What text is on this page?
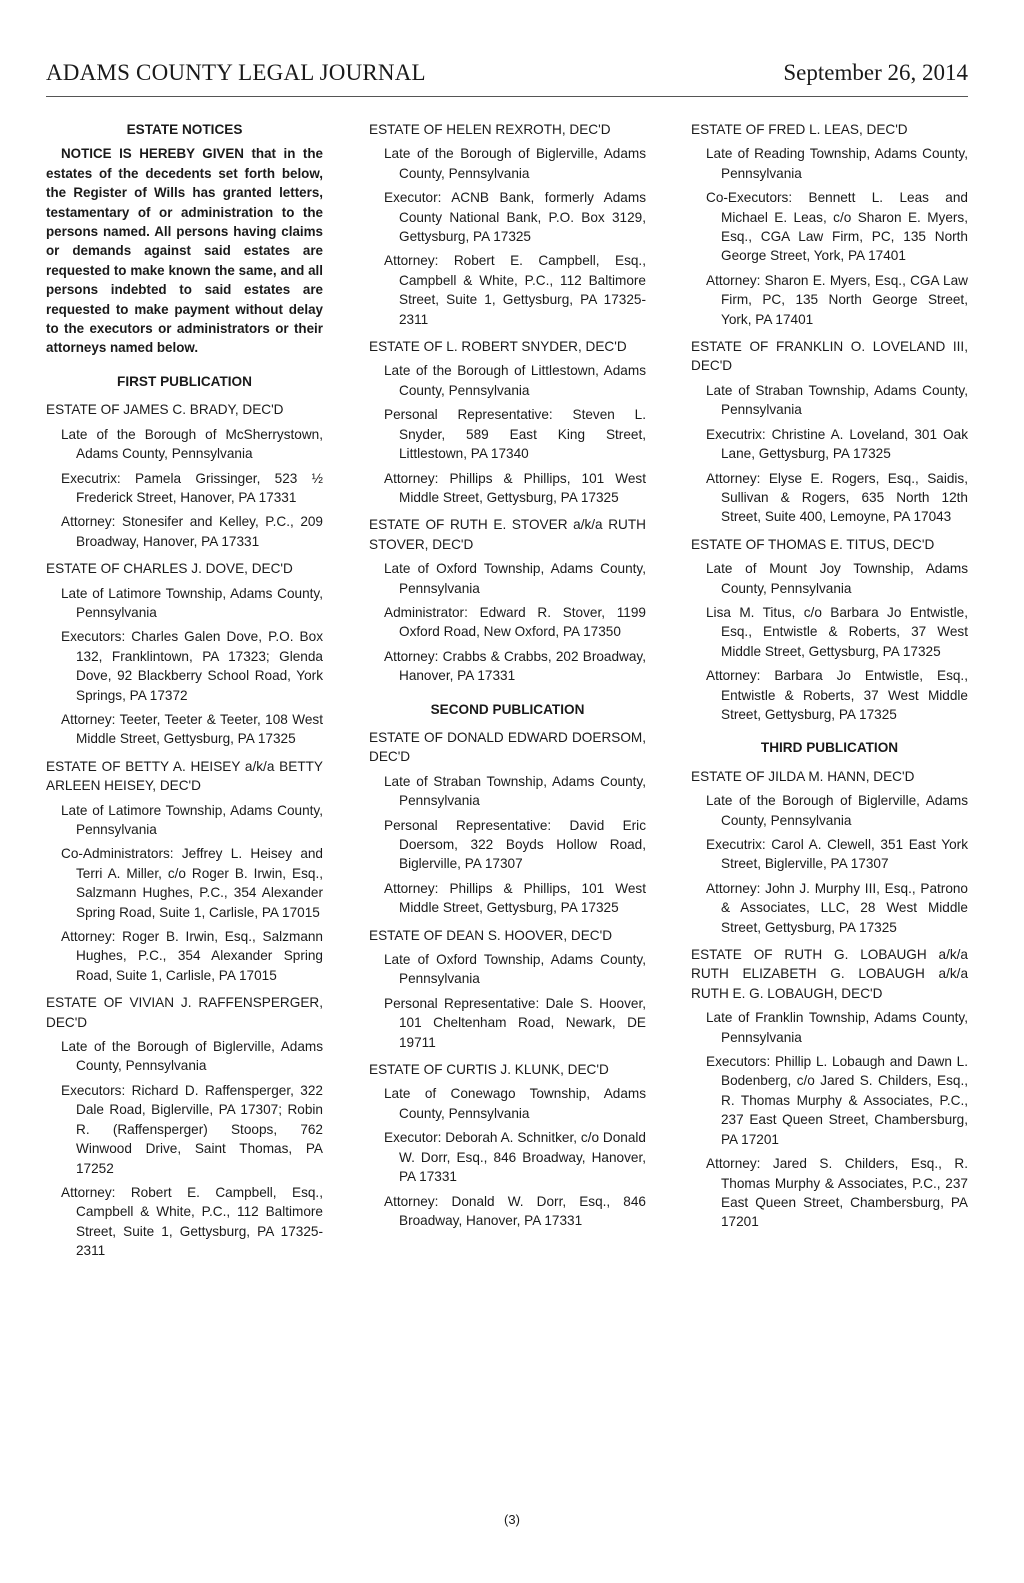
ADAMS COUNTY LEGAL JOURNAL	September 26, 2014
ESTATE NOTICES

NOTICE IS HEREBY GIVEN that in the estates of the decedents set forth below, the Register of Wills has granted letters, testamentary of or administration to the persons named. All persons having claims or demands against said estates are requested to make known the same, and all persons indebted to said estates are requested to make payment without delay to the executors or administrators or their attorneys named below.

FIRST PUBLICATION

ESTATE OF JAMES C. BRADY, DEC'D

Late of the Borough of McSherrystown, Adams County, Pennsylvania

Executrix: Pamela Grissinger, 523 ½ Frederick Street, Hanover, PA 17331

Attorney: Stonesifer and Kelley, P.C., 209 Broadway, Hanover, PA 17331

ESTATE OF CHARLES J. DOVE, DEC'D

Late of Latimore Township, Adams County, Pennsylvania

Executors: Charles Galen Dove, P.O. Box 132, Franklintown, PA 17323; Glenda Dove, 92 Blackberry School Road, York Springs, PA 17372

Attorney: Teeter, Teeter & Teeter, 108 West Middle Street, Gettysburg, PA 17325

ESTATE OF BETTY A. HEISEY a/k/a BETTY ARLEEN HEISEY, DEC'D

Late of Latimore Township, Adams County, Pennsylvania

Co-Administrators: Jeffrey L. Heisey and Terri A. Miller, c/o Roger B. Irwin, Esq., Salzmann Hughes, P.C., 354 Alexander Spring Road, Suite 1, Carlisle, PA 17015

Attorney: Roger B. Irwin, Esq., Salzmann Hughes, P.C., 354 Alexander Spring Road, Suite 1, Carlisle, PA 17015

ESTATE OF VIVIAN J. RAFFENSPERGER, DEC'D

Late of the Borough of Biglerville, Adams County, Pennsylvania

Executors: Richard D. Raffensperger, 322 Dale Road, Biglerville, PA 17307; Robin R. (Raffensperger) Stoops, 762 Winwood Drive, Saint Thomas, PA 17252

Attorney: Robert E. Campbell, Esq., Campbell & White, P.C., 112 Baltimore Street, Suite 1, Gettysburg, PA 17325-2311

ESTATE OF HELEN REXROTH, DEC'D

Late of the Borough of Biglerville, Adams County, Pennsylvania

Executor: ACNB Bank, formerly Adams County National Bank, P.O. Box 3129, Gettysburg, PA 17325

Attorney: Robert E. Campbell, Esq., Campbell & White, P.C., 112 Baltimore Street, Suite 1, Gettysburg, PA 17325-2311

ESTATE OF L. ROBERT SNYDER, DEC'D

Late of the Borough of Littlestown, Adams County, Pennsylvania

Personal Representative: Steven L. Snyder, 589 East King Street, Littlestown, PA 17340

Attorney: Phillips & Phillips, 101 West Middle Street, Gettysburg, PA 17325

ESTATE OF RUTH E. STOVER a/k/a RUTH STOVER, DEC'D

Late of Oxford Township, Adams County, Pennsylvania

Administrator: Edward R. Stover, 1199 Oxford Road, New Oxford, PA 17350

Attorney: Crabbs & Crabbs, 202 Broadway, Hanover, PA 17331

SECOND PUBLICATION

ESTATE OF DONALD EDWARD DOERSOM, DEC'D

Late of Straban Township, Adams County, Pennsylvania

Personal Representative: David Eric Doersom, 322 Boyds Hollow Road, Biglerville, PA 17307

Attorney: Phillips & Phillips, 101 West Middle Street, Gettysburg, PA 17325

ESTATE OF DEAN S. HOOVER, DEC'D

Late of Oxford Township, Adams County, Pennsylvania

Personal Representative: Dale S. Hoover, 101 Cheltenham Road, Newark, DE 19711

ESTATE OF CURTIS J. KLUNK, DEC'D

Late of Conewago Township, Adams County, Pennsylvania

Executor: Deborah A. Schnitker, c/o Donald W. Dorr, Esq., 846 Broadway, Hanover, PA 17331

Attorney: Donald W. Dorr, Esq., 846 Broadway, Hanover, PA 17331

ESTATE OF FRED L. LEAS, DEC'D

Late of Reading Township, Adams County, Pennsylvania

Co-Executors: Bennett L. Leas and Michael E. Leas, c/o Sharon E. Myers, Esq., CGA Law Firm, PC, 135 North George Street, York, PA 17401

Attorney: Sharon E. Myers, Esq., CGA Law Firm, PC, 135 North George Street, York, PA 17401

ESTATE OF FRANKLIN O. LOVELAND III, DEC'D

Late of Straban Township, Adams County, Pennsylvania

Executrix: Christine A. Loveland, 301 Oak Lane, Gettysburg, PA 17325

Attorney: Elyse E. Rogers, Esq., Saidis, Sullivan & Rogers, 635 North 12th Street, Suite 400, Lemoyne, PA 17043

ESTATE OF THOMAS E. TITUS, DEC'D

Late of Mount Joy Township, Adams County, Pennsylvania

Lisa M. Titus, c/o Barbara Jo Entwistle, Esq., Entwistle & Roberts, 37 West Middle Street, Gettysburg, PA 17325

Attorney: Barbara Jo Entwistle, Esq., Entwistle & Roberts, 37 West Middle Street, Gettysburg, PA 17325

THIRD PUBLICATION

ESTATE OF JILDA M. HANN, DEC'D

Late of the Borough of Biglerville, Adams County, Pennsylvania

Executrix: Carol A. Clewell, 351 East York Street, Biglerville, PA 17307

Attorney: John J. Murphy III, Esq., Patrono & Associates, LLC, 28 West Middle Street, Gettysburg, PA 17325

ESTATE OF RUTH G. LOBAUGH a/k/a RUTH ELIZABETH G. LOBAUGH a/k/a RUTH E. G. LOBAUGH, DEC'D

Late of Franklin Township, Adams County, Pennsylvania

Executors: Phillip L. Lobaugh and Dawn L. Bodenberg, c/o Jared S. Childers, Esq., R. Thomas Murphy & Associates, P.C., 237 East Queen Street, Chambersburg, PA 17201

Attorney: Jared S. Childers, Esq., R. Thomas Murphy & Associates, P.C., 237 East Queen Street, Chambersburg, PA 17201

(3)
